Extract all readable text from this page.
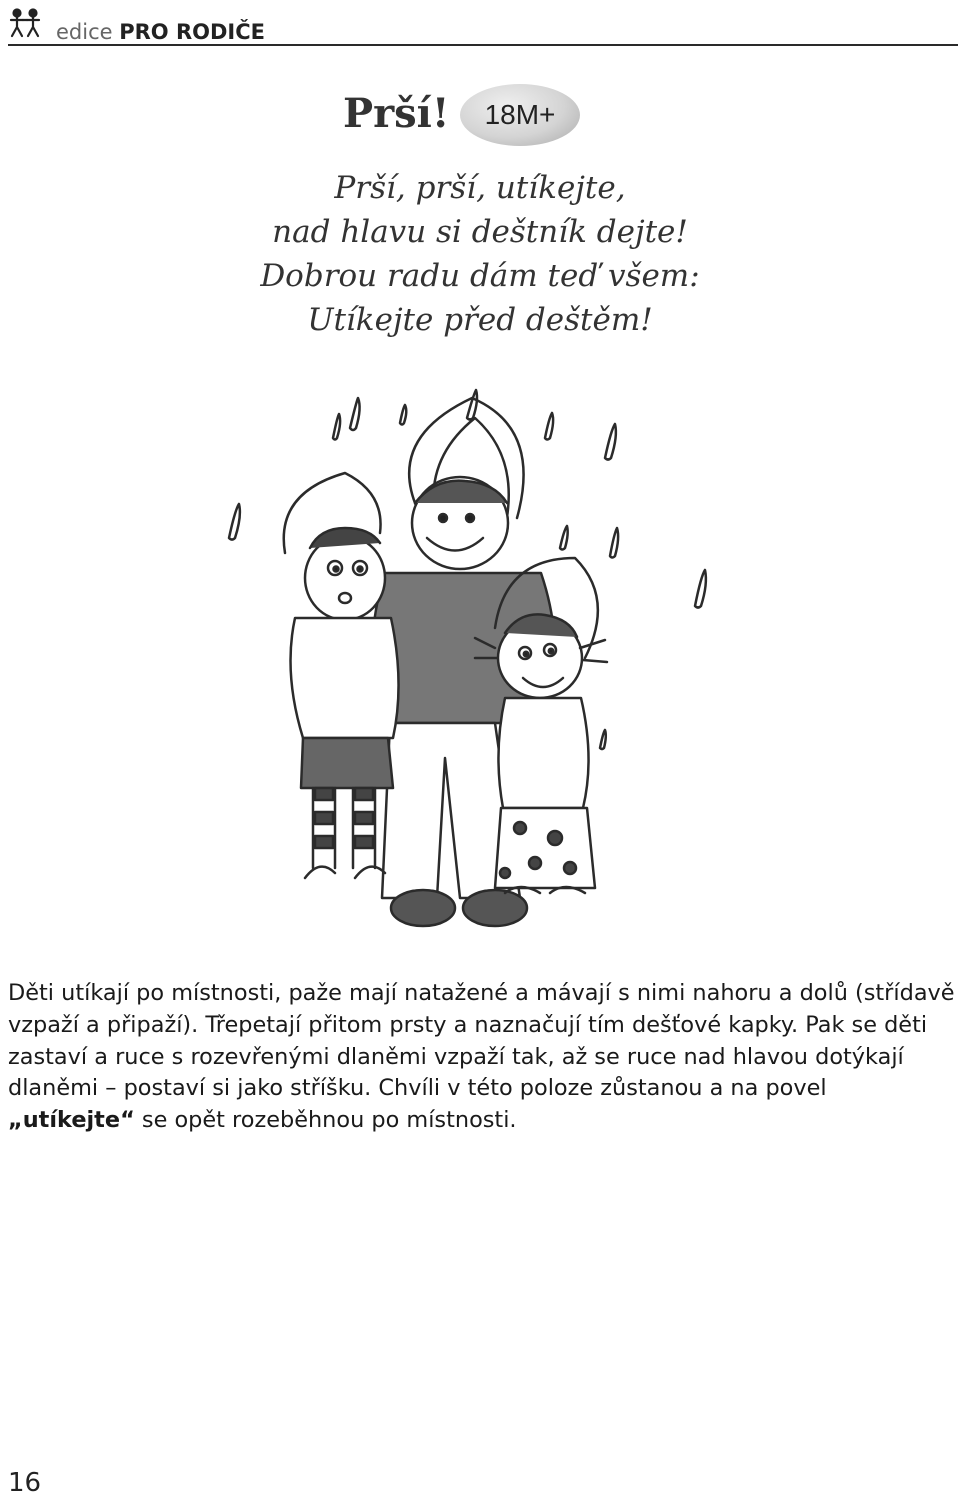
edice PRO RODIČE
Prší!	18M+
Prší, prší, utíkejte,
nad hlavu si deštník dejte!
Dobrou radu dám teď všem:
Utíkejte před deštěm!
Děti utíkají po místnosti, paže mají natažené a mávají s nimi nahoru a dolů (střídavě vzpaží a připaží). Třepetají přitom prsty a naznačují tím dešťové kapky. Pak se děti zastaví a ruce s rozevřenými dlaněmi vzpaží tak, až se ruce nad hlavou dotýkají dlaněmi – postaví si jako stříšku. Chvíli v této poloze zůstanou a na povel „utíkejte“ se opět rozeběhnou po místnosti.
16
